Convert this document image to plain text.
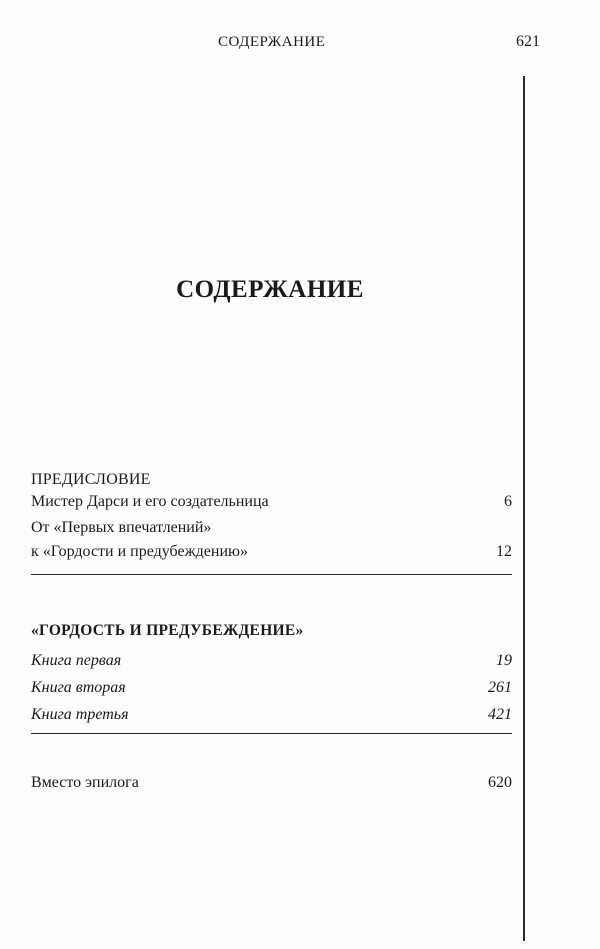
СОДЕРЖАНИЕ	621
СОДЕРЖАНИЕ
ПРЕДИСЛОВИЕ
Мистер Дарси и его создательница	6
От «Первых впечатлений»
к «Гордости и предубеждению»	12
«ГОРДОСТЬ И ПРЕДУБЕЖДЕНИЕ»
Книга первая	19
Книга вторая	261
Книга третья	421
Вместо эпилога	620
